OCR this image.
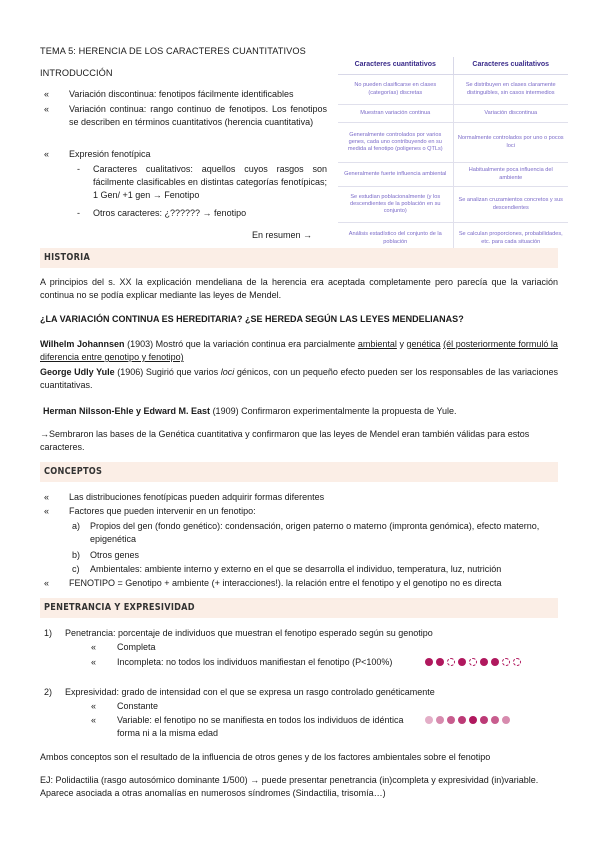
TEMA 5: HERENCIA DE LOS CARACTERES CUANTITATIVOS
INTRODUCCIÓN
« Variación discontinua: fenotipos fácilmente identificables
« Variación continua: rango continuo de fenotipos. Los fenotipos se describen en términos cuantitativos (herencia cuantitativa)
« Expresión fenotípica
- Caracteres cualitativos: aquellos cuyos rasgos son fácilmente clasificables en distintas categorías fenotípicas; 1 Gen/ +1 gen → Fenotipo
- Otros caracteres: ¿?????? → fenotipo
En resumen →
Caracteres cuantitativos	Caracteres cualitativos
No pueden clasificarse en clases (categorías) discretas	Se distribuyen en clases claramente distinguibles, sin casos intermedios
Muestran variación continua	Variación discontinua
Generalmente controlados por varios genes, cada uno contribuyendo en su medida al fenotipo (poligenes o QTLs)	Normalmente controlados por uno o pocos loci
Generalmente fuerte influencia ambiental	Habitualmente poca influencia del ambiente
Se estudian poblacionalmente (y los descendientes de la población en su conjunto)	Se analizan cruzamientos concretos y sus descendientes
Análisis estadístico del conjunto de la población	Se calculan proporciones, probabilidades, etc. para cada situación
HISTORIA
A principios del s. XX la explicación mendeliana de la herencia era aceptada completamente pero parecía que la variación continua no se podía explicar mediante las leyes de Mendel.
¿LA VARIACIÓN CONTINUA ES HEREDITARIA? ¿SE HEREDA SEGÚN LAS LEYES MENDELIANAS?
Wilhelm Johannsen (1903) Mostró que la variación continua era parcialmente ambiental y genética (él posteriormente formuló la diferencia entre genotipo y fenotipo)
George Udly Yule (1906) Sugirió que varios loci génicos, con un pequeño efecto pueden ser los responsables de las variaciones cuantitativas.
Herman Nilsson-Ehle y Edward M. East (1909) Confirmaron experimentalmente la propuesta de Yule.
→Sembraron las bases de la Genética cuantitativa y confirmaron que las leyes de Mendel eran también válidas para estos caracteres.
CONCEPTOS
« Las distribuciones fenotípicas pueden adquirir formas diferentes
« Factores que pueden intervenir en un fenotipo:
a) Propios del gen (fondo genético): condensación, origen paterno o materno (impronta genómica), efecto materno, epigenética
b) Otros genes
c) Ambientales: ambiente interno y externo en el que se desarrolla el individuo, temperatura, luz, nutrición
« FENOTIPO = Genotipo + ambiente (+ interacciones!). la relación entre el fenotipo y el genotipo no es directa
PENETRANCIA Y EXPRESIVIDAD
1) Penetrancia: porcentaje de individuos que muestran el fenotipo esperado según su genotipo
« Completa
« Incompleta: no todos los individuos manifiestan el fenotipo (P<100%)
2) Expresividad: grado de intensidad con el que se expresa un rasgo controlado genéticamente
« Constante
« Variable: el fenotipo no se manifiesta en todos los individuos de idéntica forma ni a la misma edad
Ambos conceptos son el resultado de la influencia de otros genes y de los factores ambientales sobre el fenotipo
EJ: Polidactilia (rasgo autosómico dominante 1/500) → puede presentar penetrancia (in)completa y expresividad (in)variable. Aparece asociada a otras anomalías en numerosos síndromes (Sindactilia, trisomía…)
